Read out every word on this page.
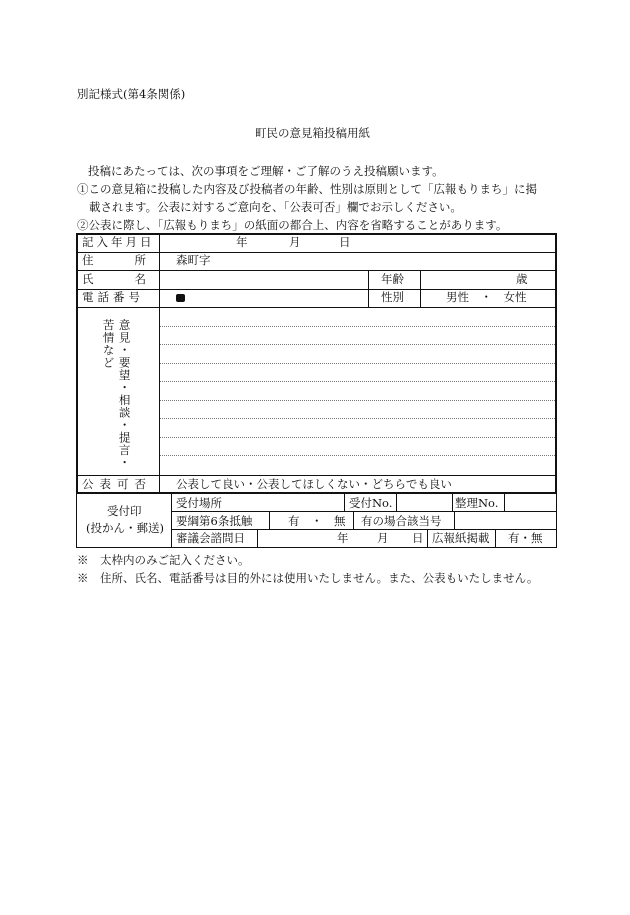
別記様式(第4条関係)
町民の意見箱投稿用紙
投稿にあたっては、次の事項をご理解・ご了解のうえ投稿願います。
①この意見箱に投稿した内容及び投稿者の年齢、性別は原則として「広報もりまち」に掲
載されます。公表に対するご意向を、「公表可否」欄でお示しください。
②公表に際し、「広報もりまち」の紙面の都合上、内容を省略することがあります。
記入年月日	年	月	日
住　　所 森町字
氏　　名	年齢	歳
電話番号	性別	男性　・　女性
意見・要望・相談・提言・
苦情など
公表可否 公表して良い・公表してほしくない・どちらでも良い
受付印
(投かん・郵送)
受付場所	受付No.	整理No.
要綱第6条抵触	有　・　無 有の場合該当号
審議会諮問日	年 月 日 広報紙掲載 有・無
※　太枠内のみご記入ください。
※　住所、氏名、電話番号は目的外には使用いたしません。また、公表もいたしません。
